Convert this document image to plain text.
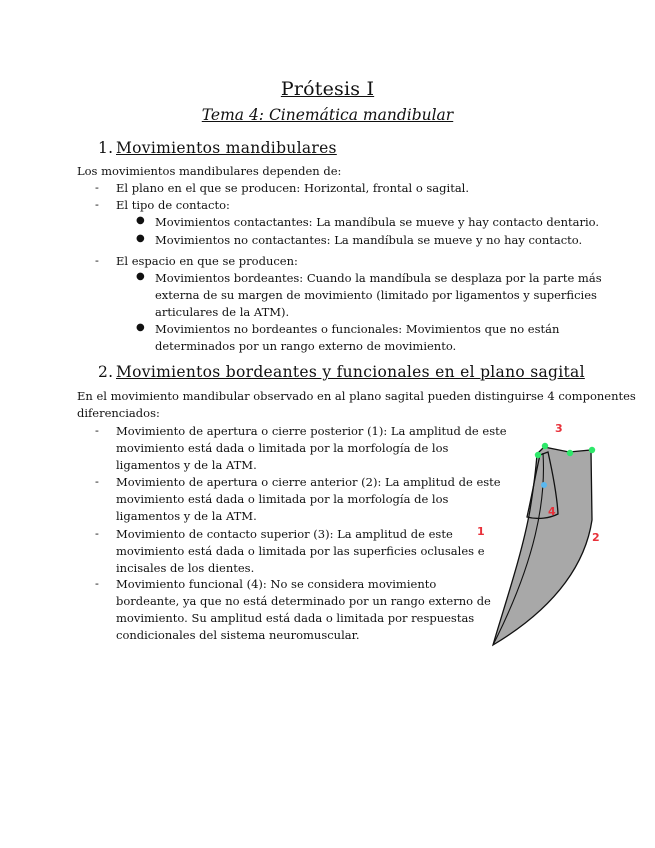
Prótesis I
Tema 4: Cinemática mandibular
1. Movimientos mandibulares
Los movimientos mandibulares dependen de:
- El plano en el que se producen: Horizontal, frontal o sagital.
- El tipo de contacto:
● Movimientos contactantes: La mandíbula se mueve y hay contacto dentario.
● Movimientos no contactantes: La mandíbula se mueve y no hay contacto.
- El espacio en que se producen:
● Movimientos bordeantes: Cuando la mandíbula se desplaza por la parte más
externa de su margen de movimiento (limitado por ligamentos y superficies
articulares de la ATM).
● Movimientos no bordeantes o funcionales: Movimientos que no están
determinados por un rango externo de movimiento.
2. Movimientos bordeantes y funcionales en el plano sagital
En el movimiento mandibular observado en al plano sagital pueden distinguirse 4 componentes
diferenciados:
- Movimiento de apertura o cierre posterior (1): La amplitud de este
movimiento está dada o limitada por la morfología de los
ligamentos y de la ATM.
- Movimiento de apertura o cierre anterior (2): La amplitud de este
movimiento está dada o limitada por la morfología de los
ligamentos y de la ATM.
- Movimiento de contacto superior (3): La amplitud de este
movimiento está dada o limitada por las superficies oclusales e
incisales de los dientes.
- Movimiento funcional (4): No se considera movimiento
bordeante, ya que no está determinado por un rango externo de
movimiento. Su amplitud está dada o limitada por respuestas
condicionales del sistema neuromuscular.
1	2
3
4
